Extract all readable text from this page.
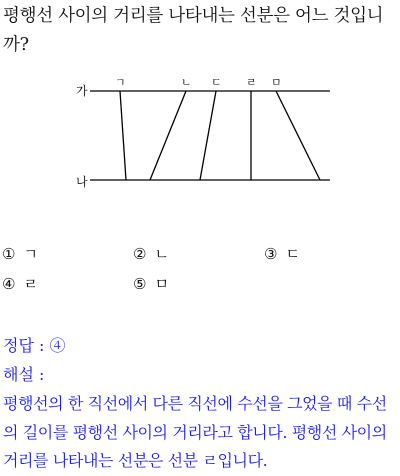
평행선 사이의 거리를 나타내는 선분은 어느 것입니까?
가
나
ㄱ	ㄴ ㄷ ㄹ ㅁ
① ㄱ	② ㄴ	③ ㄷ
④ ㄹ	⑤ ㅁ
정답 : ④
해설 :
평행선의 한 직선에서 다른 직선에 수선을 그었을 때 수선의 길이를 평행선 사이의 거리라고 합니다. 평행선 사이의 거리를 나타내는 선분은 선분 ㄹ입니다.
